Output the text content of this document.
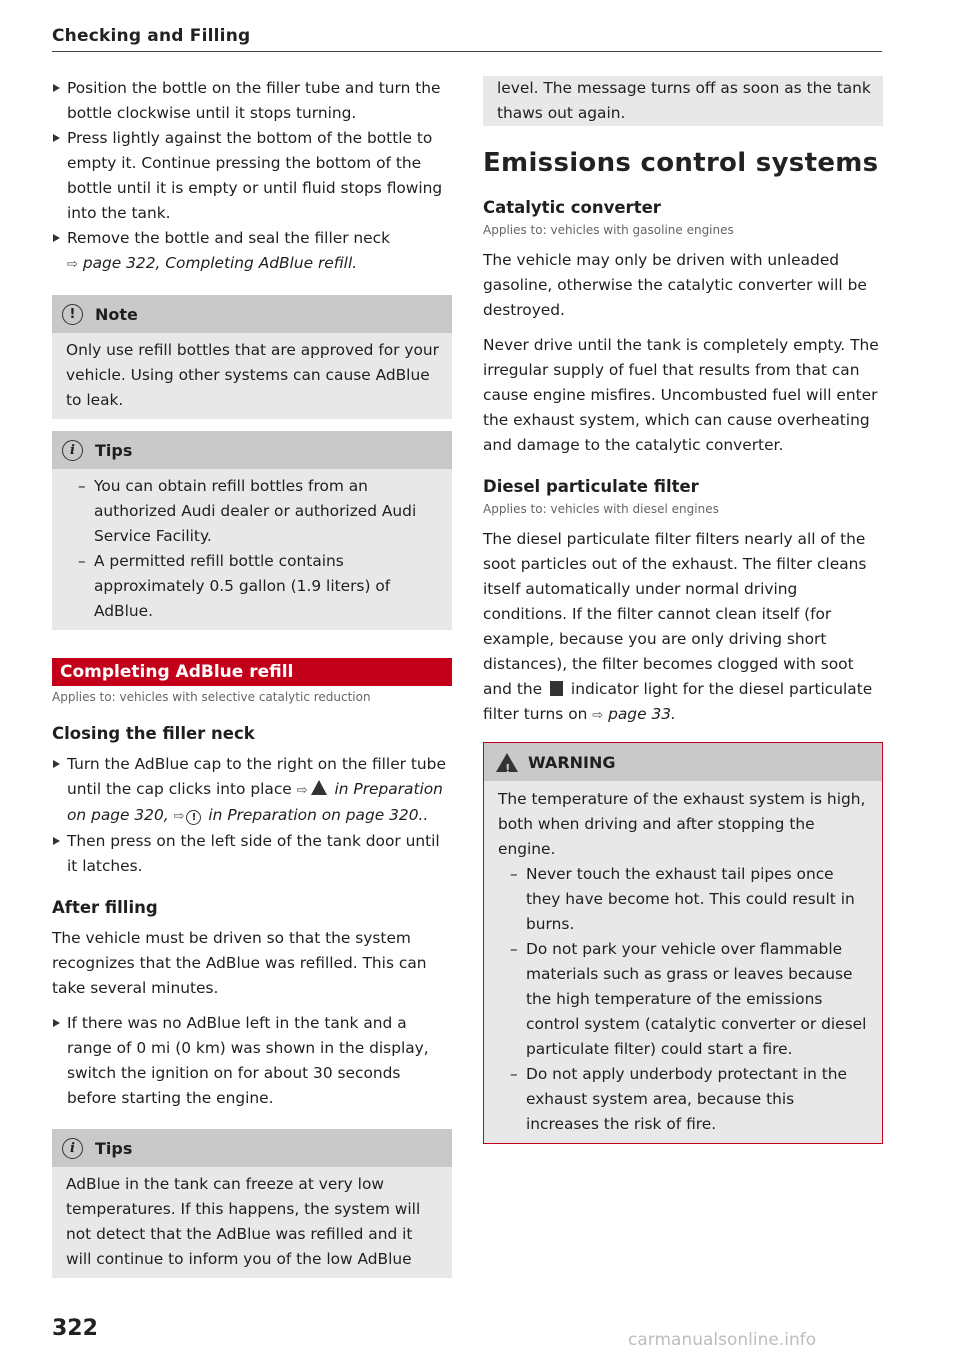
Checking and Filling
Position the bottle on the filler tube and turn the bottle clockwise until it stops turning.
Press lightly against the bottom of the bottle to empty it. Continue pressing the bottom of the bottle until it is empty or until fluid stops flowing into the tank.
Remove the bottle and seal the filler neck
⇨ page 322, Completing AdBlue refill.
!	Note
Only use refill bottles that are approved for your vehicle. Using other systems can cause AdBlue to leak.
i	Tips
– You can obtain refill bottles from an authorized Audi dealer or authorized Audi Service Facility.
– A permitted refill bottle contains approximately 0.5 gallon (1.9 liters) of AdBlue.
Completing AdBlue refill
Applies to: vehicles with selective catalytic reduction
Closing the filler neck
Turn the AdBlue cap to the right on the filler tube until the cap clicks into place ⇨ in Preparation on page 320, ⇨ ! in Preparation on page 320..
Then press on the left side of the tank door until it latches.
After filling
The vehicle must be driven so that the system recognizes that the AdBlue was refilled. This can take several minutes.
If there was no AdBlue left in the tank and a range of 0 mi (0 km) was shown in the display, switch the ignition on for about 30 seconds before starting the engine.
i	Tips
AdBlue in the tank can freeze at very low temperatures. If this happens, the system will not detect that the AdBlue was refilled and it will continue to inform you of the low AdBlue
level. The message turns off as soon as the tank thaws out again.
Emissions control systems
Catalytic converter
Applies to: vehicles with gasoline engines
The vehicle may only be driven with unleaded gasoline, otherwise the catalytic converter will be destroyed.
Never drive until the tank is completely empty. The irregular supply of fuel that results from that can cause engine misfires. Uncombusted fuel will enter the exhaust system, which can cause overheating and damage to the catalytic converter.
Diesel particulate filter
Applies to: vehicles with diesel engines
The diesel particulate filter filters nearly all of the soot particles out of the exhaust. The filter cleans itself automatically under normal driving conditions. If the filter cannot clean itself (for example, because you are only driving short distances), the filter becomes clogged with soot and the indicator light for the diesel particulate filter turns on ⇨ page 33.
!
WARNING
The temperature of the exhaust system is high, both when driving and after stopping the engine.
– Never touch the exhaust tail pipes once they have become hot. This could result in burns.
– Do not park your vehicle over flammable materials such as grass or leaves because the high temperature of the emissions control system (catalytic converter or diesel particulate filter) could start a fire.
– Do not apply underbody protectant in the exhaust system area, because this increases the risk of fire.
322	carmanualsonline.info
